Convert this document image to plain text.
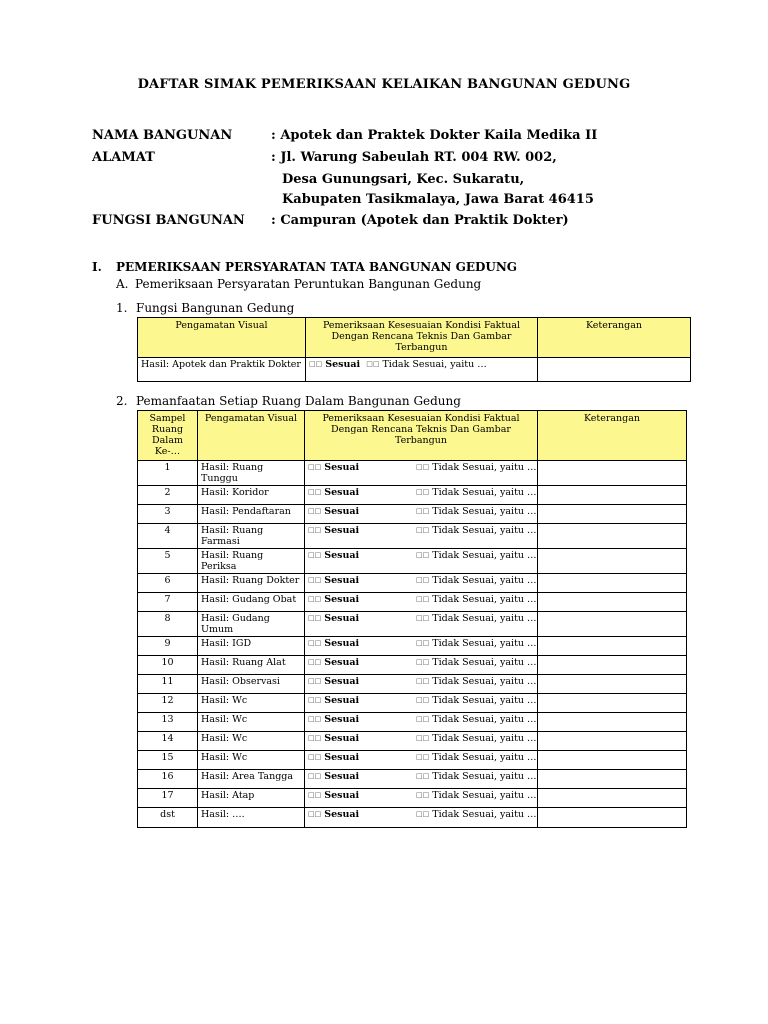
DAFTAR SIMAK PEMERIKSAAN KELAIKAN BANGUNAN GEDUNG
NAMA BANGUNAN	: Apotek dan Praktek Dokter Kaila Medika II
ALAMAT	: Jl. Warung Sabeulah RT. 004 RW. 002,
Desa Gunungsari, Kec. Sukaratu,
Kabupaten Tasikmalaya, Jawa Barat 46415
FUNGSI BANGUNAN : Campuran (Apotek dan Praktik Dokter)
I. PEMERIKSAAN PERSYARATAN TATA BANGUNAN GEDUNG
A. Pemeriksaan Persyaratan Peruntukan Bangunan Gedung
1. Fungsi Bangunan Gedung
Pengamatan Visual	Pemeriksaan Kesesuaian Kondisi Faktual Dengan Rencana Teknis Dan Gambar Terbangun	Keterangan
Hasil: Apotek dan Praktik Dokter	□□ Sesuai □□ Tidak Sesuai, yaitu …	
2. Pemanfaatan Setiap Ruang Dalam Bangunan Gedung
Sampel Ruang Dalam Ke-…	Pengamatan Visual	Pemeriksaan Kesesuaian Kondisi Faktual Dengan Rencana Teknis Dan Gambar Terbangun	Keterangan
1	Hasil: Ruang Tunggu	□□ Sesuai □□ Tidak Sesuai, yaitu …	

2	Hasil: Koridor	□□ Sesuai □□ Tidak Sesuai, yaitu …	

3	Hasil: Pendaftaran	□□ Sesuai □□ Tidak Sesuai, yaitu …	

4	Hasil: Ruang Farmasi	□□ Sesuai □□ Tidak Sesuai, yaitu …	

5	Hasil: Ruang Periksa	□□ Sesuai □□ Tidak Sesuai, yaitu …	

6	Hasil: Ruang Dokter	□□ Sesuai □□ Tidak Sesuai, yaitu …	

7	Hasil: Gudang Obat	□□ Sesuai □□ Tidak Sesuai, yaitu …	

8	Hasil: Gudang Umum	□□ Sesuai □□ Tidak Sesuai, yaitu …	

9	Hasil: IGD	□□ Sesuai □□ Tidak Sesuai, yaitu …	

10	Hasil: Ruang Alat	□□ Sesuai □□ Tidak Sesuai, yaitu …	

11	Hasil: Observasi	□□ Sesuai □□ Tidak Sesuai, yaitu …	

12	Hasil: Wc	□□ Sesuai □□ Tidak Sesuai, yaitu …	

13	Hasil: Wc	□□ Sesuai □□ Tidak Sesuai, yaitu …	

14	Hasil: Wc	□□ Sesuai □□ Tidak Sesuai, yaitu …	

15	Hasil: Wc	□□ Sesuai □□ Tidak Sesuai, yaitu …	

16	Hasil: Area Tangga	□□ Sesuai □□ Tidak Sesuai, yaitu …	

17	Hasil: Atap	□□ Sesuai □□ Tidak Sesuai, yaitu …	

dst	Hasil: ….	□□ Sesuai □□ Tidak Sesuai, yaitu …	
